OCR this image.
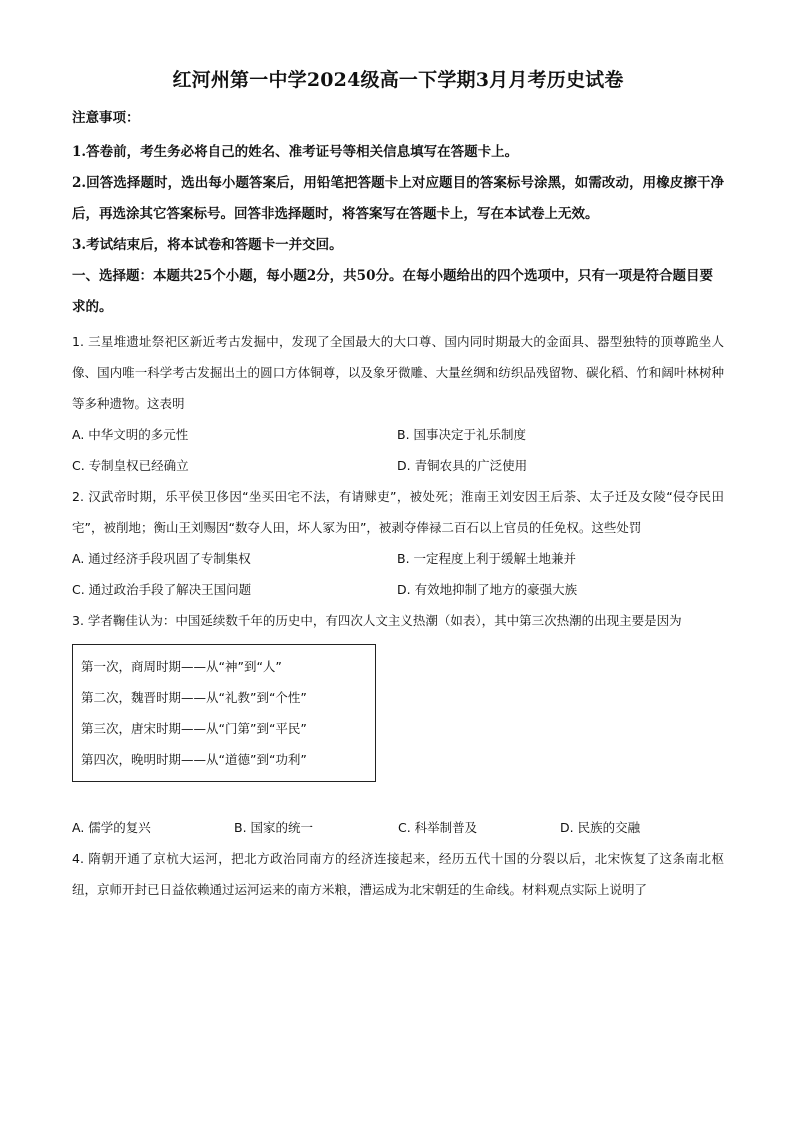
红河州第一中学2024级高一下学期3月月考历史试卷
注意事项：

1.答卷前，考生务必将自己的姓名、准考证号等相关信息填写在答题卡上。

2.回答选择题时，选出每小题答案后，用铅笔把答题卡上对应题目的答案标号涂黑，如需改动，用橡皮擦干净后，再选涂其它答案标号。回答非选择题时，将答案写在答题卡上，写在本试卷上无效。

3.考试结束后，将本试卷和答题卡一并交回。

一、选择题：本题共25个小题，每小题2分，共50分。在每小题给出的四个选项中，只有一项是符合题目要求的。

1. 三星堆遗址祭祀区新近考古发掘中，发现了全国最大的大口尊、国内同时期最大的金面具、器型独特的顶尊跪坐人像、国内唯一科学考古发掘出土的圆口方体铜尊，以及象牙微雕、大量丝绸和纺织品残留物、碳化稻、竹和阔叶林树种等多种遗物。这表明

A. 中华文明的多元性	B. 国事决定于礼乐制度
C. 专制皇权已经确立	D. 青铜农具的广泛使用

2. 汉武帝时期，乐平侯卫侈因“坐买田宅不法，有请赇吏”，被处死；淮南王刘安因王后荼、太子迁及女陵“侵夺民田宅”，被削地；衡山王刘赐因“数夺人田，坏人冢为田”，被剥夺俸禄二百石以上官员的任免权。这些处罚

A. 通过经济手段巩固了专制集权	B. 一定程度上利于缓解土地兼并
C. 通过政治手段了解决王国问题	D. 有效地抑制了地方的豪强大族

3. 学者鞠佳认为：中国延续数千年的历史中，有四次人文主义热潮（如表），其中第三次热潮的出现主要是因为

第一次，商周时期——从“神”到“人”
第二次，魏晋时期——从“礼教”到“个性”
第三次，唐宋时期——从“门第”到“平民”
第四次，晚明时期——从“道德”到“功利”
A. 儒学的复兴	B. 国家的统一	C. 科举制普及	D. 民族的交融

4. 隋朝开通了京杭大运河，把北方政治同南方的经济连接起来，经历五代十国的分裂以后，北宋恢复了这条南北枢纽，京师开封已日益依赖通过运河运来的南方米粮，漕运成为北宋朝廷的生命线。材料观点实际上说明了
